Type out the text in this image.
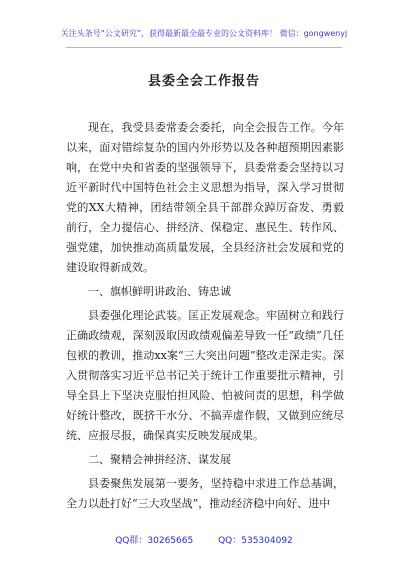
关注头条号“公文研究”，获得最新最全最专业的公文资料库！ 微信：gongwenyj
县委全会工作报告

现在，我受县委常委会委托，向全会报告工作。今年以来，面对错综复杂的国内外形势以及各种超预期因素影响，在党中央和省委的坚强领导下，县委常委会坚持以习近平新时代中国特色社会主义思想为指导，深入学习贯彻党的XX大精神，团结带领全县干部群众踔厉奋发、勇毅前行，全力提信心、拼经济、保稳定、惠民生、转作风、强党建，加快推动高质量发展，全县经济社会发展和党的建设取得新成效。

一、旗帜鲜明讲政治、铸忠诚

县委强化理论武装。匡正发展观念。牢固树立和践行正确政绩观，深刻汲取因政绩观偏差导致一任“政绩”几任包袱的教训，推动xx案“三大突出问题”整改走深走实。深入贯彻落实习近平总书记关于统计工作重要批示精神，引导全县上下坚决克服怕担风险、怕被问责的思想，科学做好统计整改，既挤干水分、不搞弄虚作假，又做到应统尽统、应报尽报，确保真实反映发展成果。

二、聚精会神拼经济、谋发展

县委聚焦发展第一要务，坚持稳中求进工作总基调，全力以赴打好“三大攻坚战”，推动经济稳中向好、进中

QQ群：30265665	QQ：535304092
